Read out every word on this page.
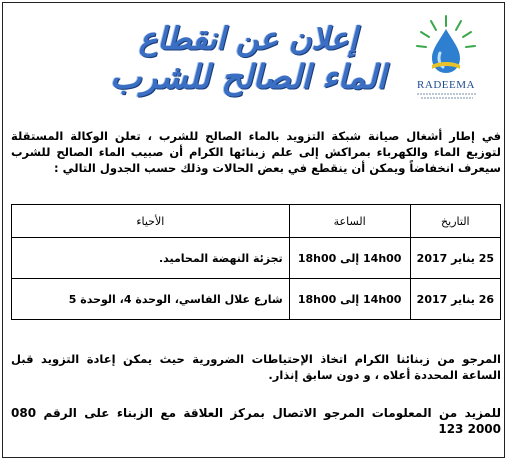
إعلان عن انقطاع
الماء الصالح للشرب	RADEEMA
في إطار أشغال صيانة شبكة التزويد بالماء الصالح للشرب ، تعلن الوكالة المستقلة لتوزيع الماء والكهرباء بمراكش إلى علم زبنائها الكرام أن صبيب الماء الصالح للشرب سيعرف انخفاضاً ويمكن أن ينقطع في بعض الحالات وذلك حسب الجدول التالي :
التاريخ	الساعة	الأحياء
25 يناير 2017	14h00 إلى 18h00	تجزئة النهضة المحاميد.
26 يناير 2017	14h00 إلى 18h00	شارع علال الفاسي، الوحدة 4، الوحدة 5
المرجو من زبنائنا الكرام اتخاذ الإحتياطات الضرورية حيث يمكن إعادة التزويد قبل الساعة المحددة أعلاه ، و دون سابق إنذار.
للمزيد من المعلومات المرجو الاتصال بمركز العلاقة مع الزبناء على الرقم 080 2000 123
